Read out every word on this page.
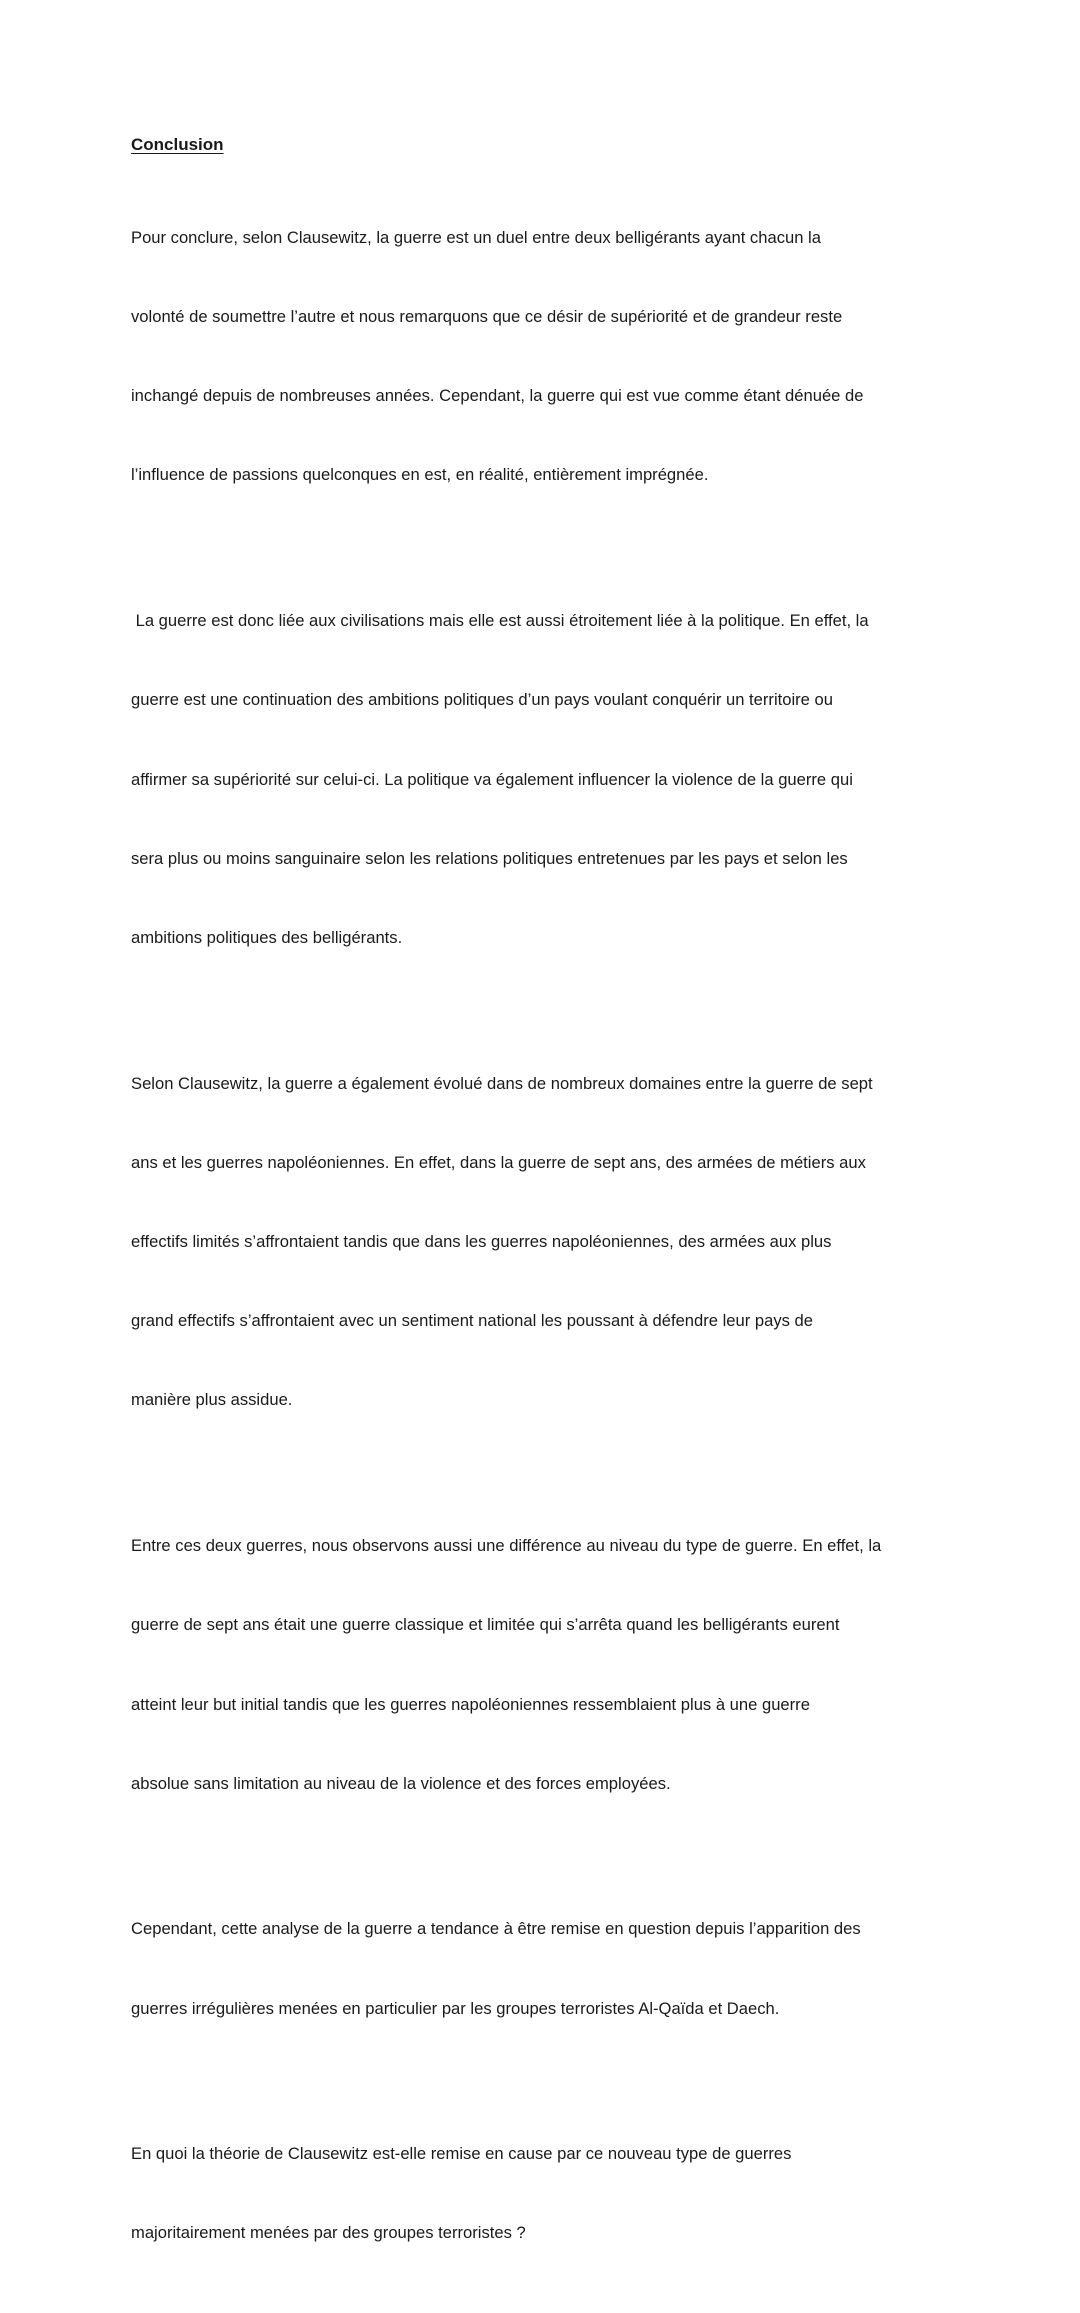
Conclusion

Pour conclure, selon Clausewitz, la guerre est un duel entre deux belligérants ayant chacun la

volonté de soumettre l’autre et nous remarquons que ce désir de supériorité et de grandeur reste

inchangé depuis de nombreuses années. Cependant, la guerre qui est vue comme étant dénuée de

l’influence de passions quelconques en est, en réalité, entièrement imprégnée.

La guerre est donc liée aux civilisations mais elle est aussi étroitement liée à la politique. En effet, la

guerre est une continuation des ambitions politiques d’un pays voulant conquérir un territoire ou

affirmer sa supériorité sur celui-ci. La politique va également influencer la violence de la guerre qui

sera plus ou moins sanguinaire selon les relations politiques entretenues par les pays et selon les

ambitions politiques des belligérants.

Selon Clausewitz, la guerre a également évolué dans de nombreux domaines entre la guerre de sept

ans et les guerres napoléoniennes. En effet, dans la guerre de sept ans, des armées de métiers aux

effectifs limités s’affrontaient tandis que dans les guerres napoléoniennes, des armées aux plus

grand effectifs s’affrontaient avec un sentiment national les poussant à défendre leur pays de

manière plus assidue.

Entre ces deux guerres, nous observons aussi une différence au niveau du type de guerre. En effet, la

guerre de sept ans était une guerre classique et limitée qui s’arrêta quand les belligérants eurent

atteint leur but initial tandis que les guerres napoléoniennes ressemblaient plus à une guerre

absolue sans limitation au niveau de la violence et des forces employées.

Cependant, cette analyse de la guerre a tendance à être remise en question depuis l’apparition des

guerres irrégulières menées en particulier par les groupes terroristes Al-Qaïda et Daech.

En quoi la théorie de Clausewitz est-elle remise en cause par ce nouveau type de guerres

majoritairement menées par des groupes terroristes ?
